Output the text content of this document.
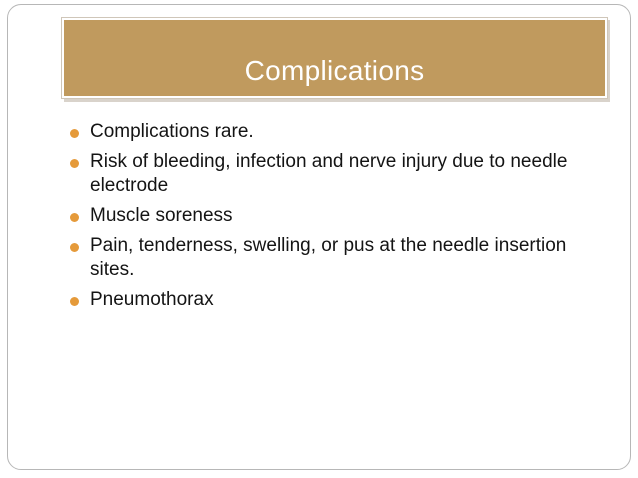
Complications
Complications rare.
Risk of bleeding, infection and nerve injury due to needle electrode
Muscle soreness
Pain, tenderness, swelling, or pus at the needle insertion sites.
Pneumothorax
